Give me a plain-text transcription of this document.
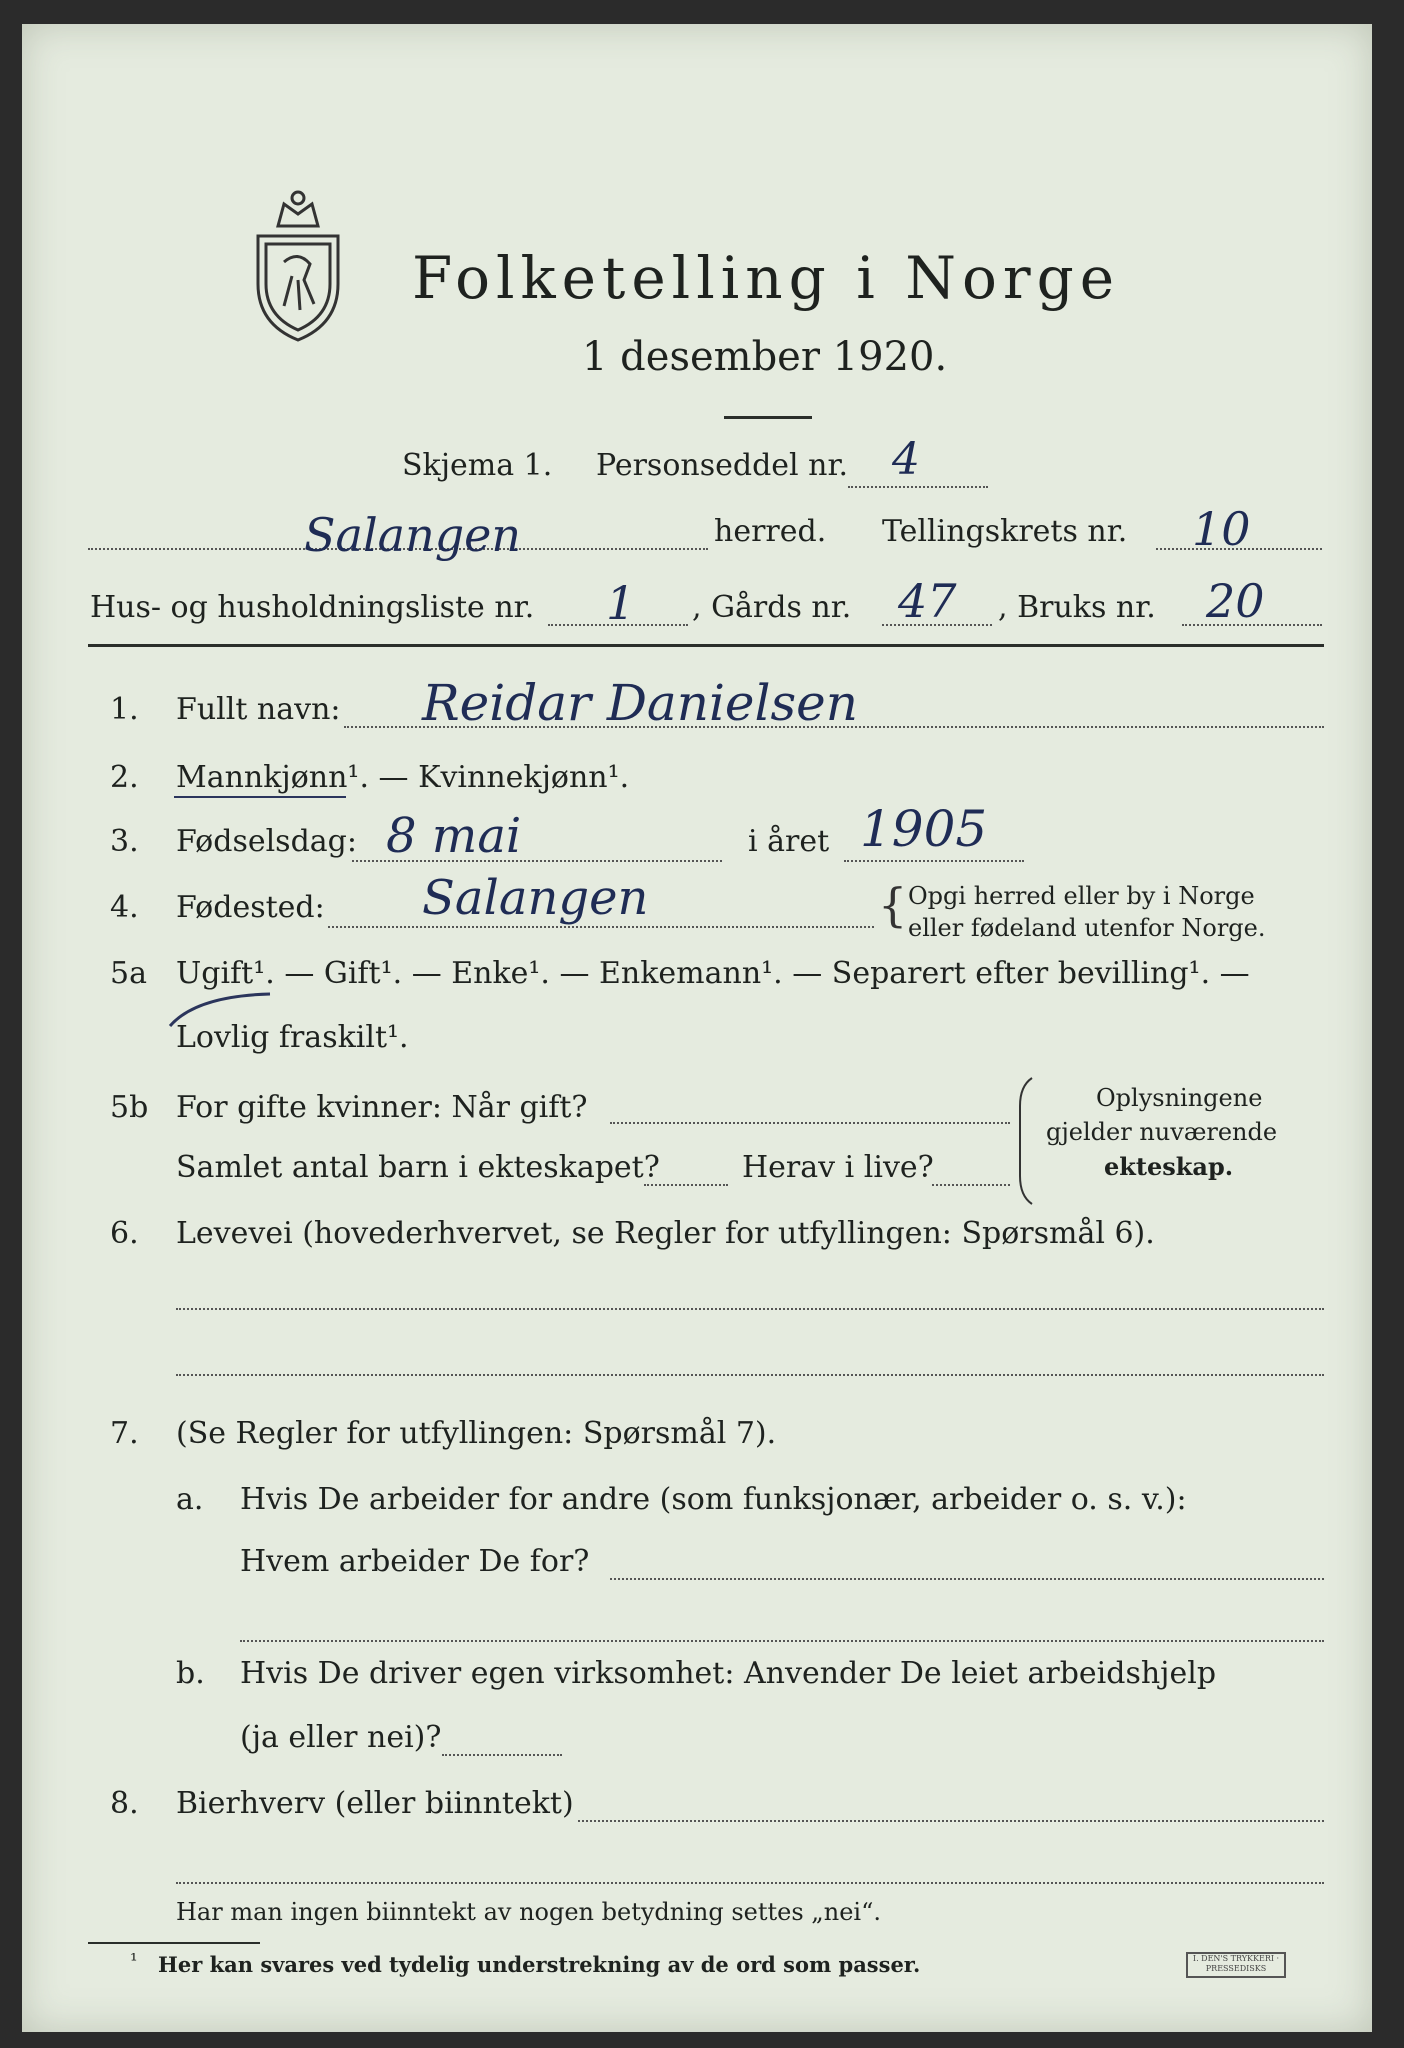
Folketelling i Norge
1 desember 1920.
Skjema 1. Personseddel nr. 4
Salangen	herred. Tellingskrets nr. 10
Hus- og husholdningsliste nr. 1 , Gårds nr. 47 , Bruks nr. 20
1. Fullt navn: Reidar Danielsen
2. Mannkjønn¹. — Kvinnekjønn¹.
3. Fødselsdag: 8 mai	i året 1905
4. Fødested: Salangen	{ Opgi herred eller by i Norge
eller fødeland utenfor Norge.
5a Ugift¹. — Gift¹. — Enke¹. — Enkemann¹. — Separert efter bevilling¹. —
Lovlig fraskilt¹.
5b For gifte kvinner: Når gift?
Samlet antal barn i ekteskapet?	Herav i live?
Oplysningene
gjelder nuværende
ekteskap.
6. Levevei (hovederhvervet, se Regler for utfyllingen: Spørsmål 6).
7. (Se Regler for utfyllingen: Spørsmål 7).
a. Hvis De arbeider for andre (som funksjonær, arbeider o. s. v.):
Hvem arbeider De for?
b. Hvis De driver egen virksomhet: Anvender De leiet arbeidshjelp
(ja eller nei)?
8. Bierhverv (eller biinntekt)
Har man ingen biinntekt av nogen betydning settes „nei“.
¹ Her kan svares ved tydelig understrekning av de ord som passer.	I. DEN'S TRYKKERI · PRESSEDISKS
